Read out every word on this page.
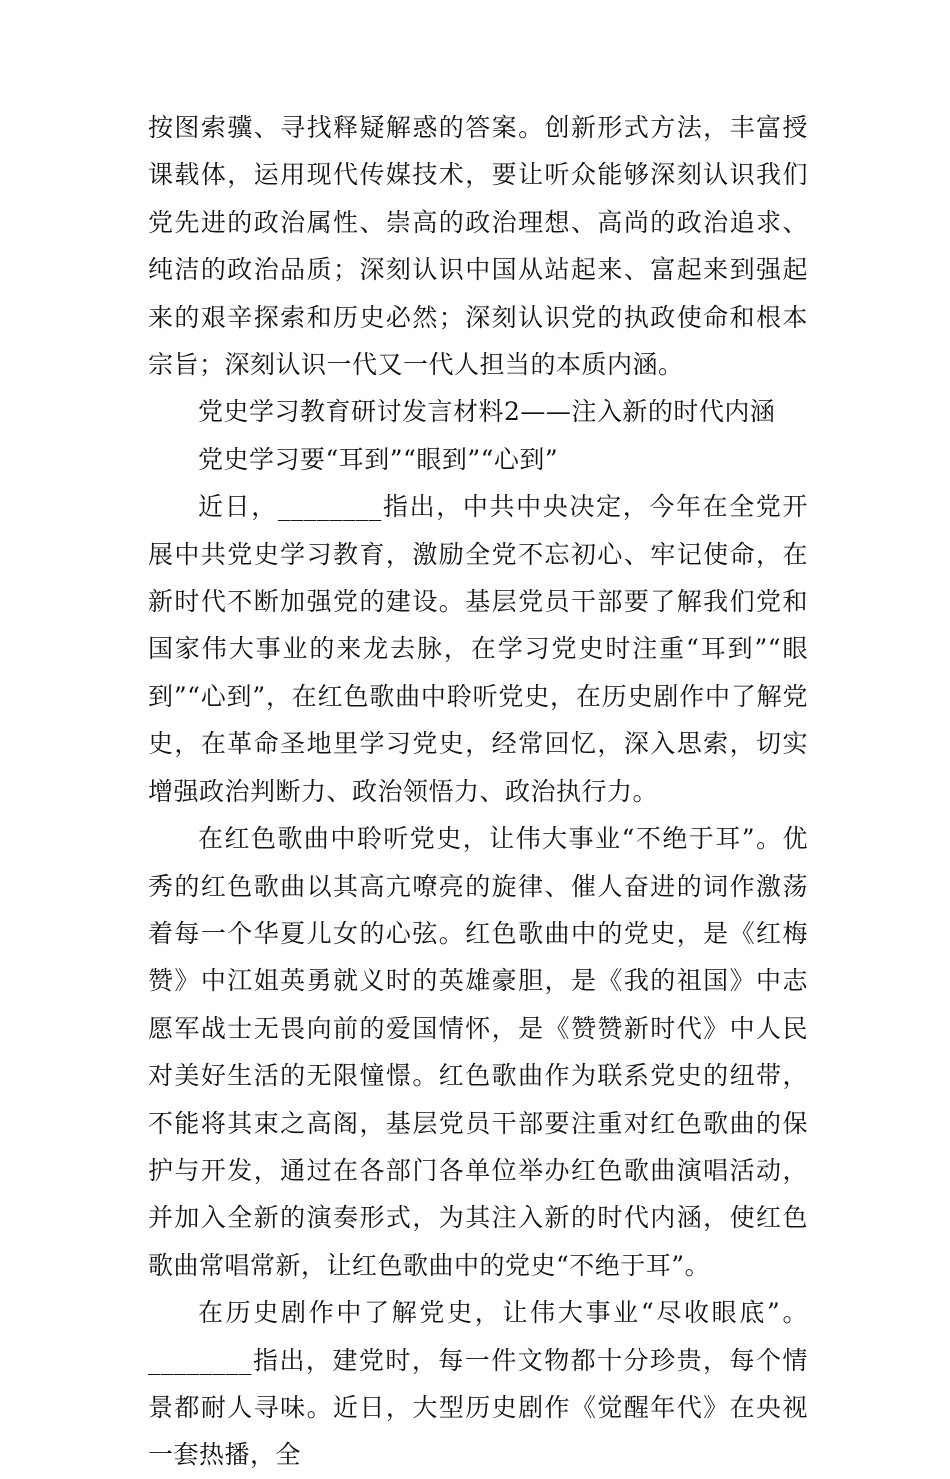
按图索骥、寻找释疑解惑的答案。创新形式方法，丰富授课载体，运用现代传媒技术，要让听众能够深刻认识我们党先进的政治属性、崇高的政治理想、高尚的政治追求、纯洁的政治品质；深刻认识中国从站起来、富起来到强起来的艰辛探索和历史必然；深刻认识党的执政使命和根本宗旨；深刻认识一代又一代人担当的本质内涵。

党史学习教育研讨发言材料2——注入新的时代内涵

党史学习要“耳到”“眼到”“心到”

近日，________指出，中共中央决定，今年在全党开展中共党史学习教育，激励全党不忘初心、牢记使命，在新时代不断加强党的建设。基层党员干部要了解我们党和国家伟大事业的来龙去脉，在学习党史时注重“耳到”“眼到”“心到”，在红色歌曲中聆听党史，在历史剧作中了解党史，在革命圣地里学习党史，经常回忆，深入思索，切实增强政治判断力、政治领悟力、政治执行力。

在红色歌曲中聆听党史，让伟大事业“不绝于耳”。优秀的红色歌曲以其高亢嘹亮的旋律、催人奋进的词作激荡着每一个华夏儿女的心弦。红色歌曲中的党史，是《红梅赞》中江姐英勇就义时的英雄豪胆，是《我的祖国》中志愿军战士无畏向前的爱国情怀，是《赞赞新时代》中人民对美好生活的无限憧憬。红色歌曲作为联系党史的纽带，不能将其束之高阁，基层党员干部要注重对红色歌曲的保护与开发，通过在各部门各单位举办红色歌曲演唱活动，并加入全新的演奏形式，为其注入新的时代内涵，使红色歌曲常唱常新，让红色歌曲中的党史“不绝于耳”。

在历史剧作中了解党史，让伟大事业“尽收眼底”。________指出，建党时，每一件文物都十分珍贵，每个情景都耐人寻味。近日，大型历史剧作《觉醒年代》在央视一套热播，全
